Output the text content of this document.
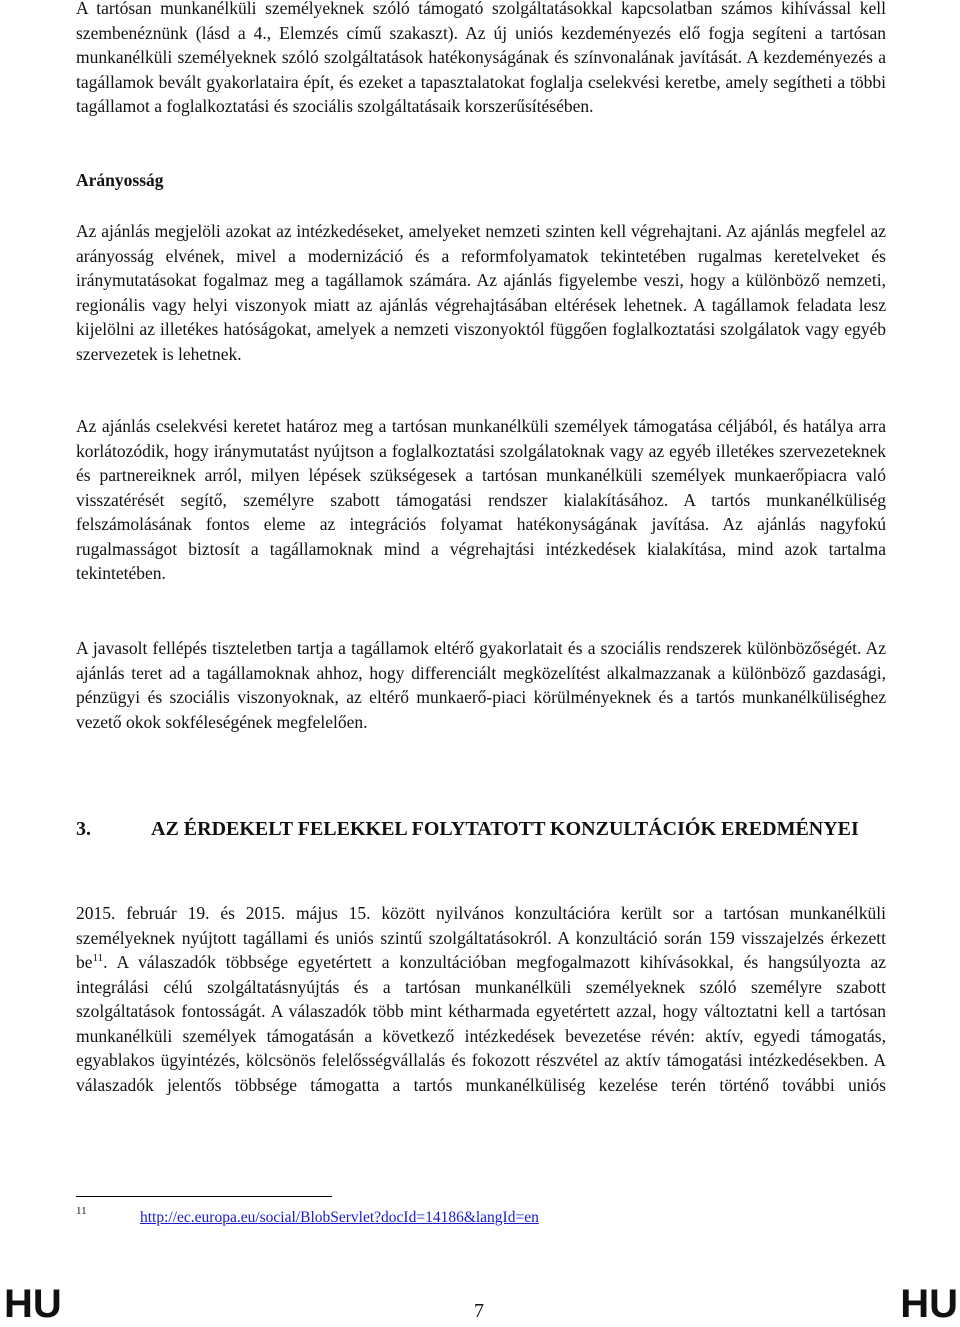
A tartósan munkanélküli személyeknek szóló támogató szolgáltatásokkal kapcsolatban számos kihívással kell szembenéznünk (lásd a 4., Elemzés című szakaszt). Az új uniós kezdeményezés elő fogja segíteni a tartósan munkanélküli személyeknek szóló szolgáltatások hatékonyságának és színvonalának javítását. A kezdeményezés a tagállamok bevált gyakorlataira épít, és ezeket a tapasztalatokat foglalja cselekvési keretbe, amely segítheti a többi tagállamot a foglalkoztatási és szociális szolgáltatásaik korszerűsítésében.

Arányosság

Az ajánlás megjelöli azokat az intézkedéseket, amelyeket nemzeti szinten kell végrehajtani. Az ajánlás megfelel az arányosság elvének, mivel a modernizáció és a reformfolyamatok tekintetében rugalmas keretelveket és iránymutatásokat fogalmaz meg a tagállamok számára. Az ajánlás figyelembe veszi, hogy a különböző nemzeti, regionális vagy helyi viszonyok miatt az ajánlás végrehajtásában eltérések lehetnek. A tagállamok feladata lesz kijelölni az illetékes hatóságokat, amelyek a nemzeti viszonyoktól függően foglalkoztatási szolgálatok vagy egyéb szervezetek is lehetnek.

Az ajánlás cselekvési keretet határoz meg a tartósan munkanélküli személyek támogatása céljából, és hatálya arra korlátozódik, hogy iránymutatást nyújtson a foglalkoztatási szolgálatoknak vagy az egyéb illetékes szervezeteknek és partnereiknek arról, milyen lépések szükségesek a tartósan munkanélküli személyek munkaerőpiacra való visszatérését segítő, személyre szabott támogatási rendszer kialakításához. A tartós munkanélküliség felszámolásának fontos eleme az integrációs folyamat hatékonyságának javítása. Az ajánlás nagyfokú rugalmasságot biztosít a tagállamoknak mind a végrehajtási intézkedések kialakítása, mind azok tartalma tekintetében.

A javasolt fellépés tiszteletben tartja a tagállamok eltérő gyakorlatait és a szociális rendszerek különbözőségét. Az ajánlás teret ad a tagállamoknak ahhoz, hogy differenciált megközelítést alkalmazzanak a különböző gazdasági, pénzügyi és szociális viszonyoknak, az eltérő munkaerő-piaci körülményeknek és a tartós munkanélküliséghez vezető okok sokféleségének megfelelően.

2015. február 19. és 2015. május 15. között nyilvános konzultációra került sor a tartósan munkanélküli személyeknek nyújtott tagállami és uniós szintű szolgáltatásokról. A konzultáció során 159 visszajelzés érkezett $be^{11}$. A válaszadók többsége egyetértett a konzultációban megfogalmazott kihívásokkal, és hangsúlyozta az integrálási célú szolgáltatásnyújtás és a tartósan munkanélküli személyeknek szóló személyre szabott szolgáltatások fontosságát. A válaszadók több mint kétharmada egyetértett azzal, hogy változtatni kell a tartósan munkanélküli személyek támogatásán a következő intézkedések bevezetése révén: aktív, egyedi támogatás, egyablakos ügyintézés, kölcsönös felelősségvállalás és fokozott részvétel az aktív támogatási intézkedésekben. A válaszadók jelentős többsége támogatta a tartós munkanélküliség kezelése terén történő további uniós

3.	AZ ÉRDEKELT FELEKKEL FOLYTATOTT KONZULTÁCIÓK EREDMÉNYEI
11	http://ec.europa.eu/social/BlobServlet?docId=14186&langId=en
HU	7	HU
